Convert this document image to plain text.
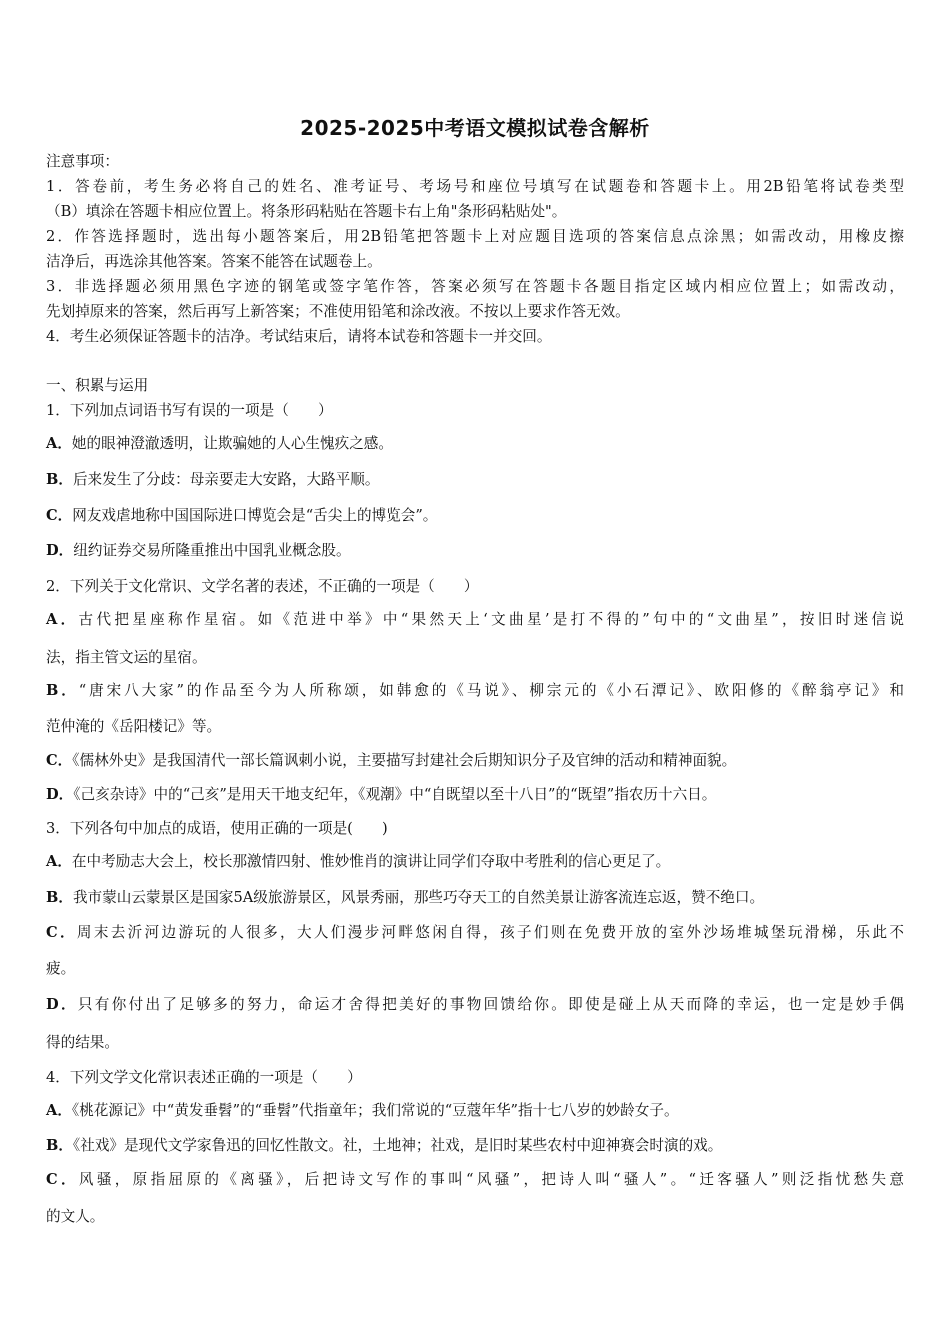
2025-2025中考语文模拟试卷含解析
注意事项：
1．答卷前，考生务必将自己的姓名、准考证号、考场号和座位号填写在试题卷和答题卡上。用2B铅笔将试卷类型
（B）填涂在答题卡相应位置上。将条形码粘贴在答题卡右上角"条形码粘贴处"。
2．作答选择题时，选出每小题答案后，用2B铅笔把答题卡上对应题目选项的答案信息点涂黑；如需改动，用橡皮擦
洁净后，再选涂其他答案。答案不能答在试题卷上。
3．非选择题必须用黑色字迹的钢笔或签字笔作答，答案必须写在答题卡各题目指定区域内相应位置上；如需改动，
先划掉原来的答案，然后再写上新答案；不准使用铅笔和涂改液。不按以上要求作答无效。
4．考生必须保证答题卡的洁净。考试结束后，请将本试卷和答题卡一并交回。
一、积累与运用
1．下列加点词语书写有误的一项是（　　）
A．她的眼神澄澈透明，让欺骗她的人心生愧疚之感。
B．后来发生了分歧：母亲要走大安路，大路平顺。
C．网友戏虐地称中国国际进口博览会是“舌尖上的博览会”。
D．纽约证券交易所隆重推出中国乳业概念股。
2．下列关于文化常识、文学名著的表述，不正确的一项是（　　）
A．古代把星座称作星宿。如《范进中举》中“果然天上‘文曲星’是打不得的”句中的“文曲星”，按旧时迷信说
法，指主管文运的星宿。
B．“唐宋八大家”的作品至今为人所称颂，如韩愈的《马说》、柳宗元的《小石潭记》、欧阳修的《醉翁亭记》和
范仲淹的《岳阳楼记》等。
C．《儒林外史》是我国清代一部长篇讽刺小说，主要描写封建社会后期知识分子及官绅的活动和精神面貌。
D．《己亥杂诗》中的“己亥”是用天干地支纪年，《观潮》中“自既望以至十八日”的“既望”指农历十六日。
3．下列各句中加点的成语，使用正确的一项是(　　)
A．在中考励志大会上，校长那激情四射、惟妙惟肖的演讲让同学们夺取中考胜利的信心更足了。
B．我市蒙山云蒙景区是国家5A级旅游景区，风景秀丽，那些巧夺天工的自然美景让游客流连忘返，赞不绝口。
C．周末去沂河边游玩的人很多，大人们漫步河畔悠闲自得，孩子们则在免费开放的室外沙场堆城堡玩滑梯，乐此不
疲。
D．只有你付出了足够多的努力，命运才舍得把美好的事物回馈给你。即使是碰上从天而降的幸运，也一定是妙手偶
得的结果。
4．下列文学文化常识表述正确的一项是（　　）
A．《桃花源记》中“黄发垂髫”的“垂髫”代指童年；我们常说的“豆蔻年华”指十七八岁的妙龄女子。
B．《社戏》是现代文学家鲁迅的回忆性散文。社，土地神；社戏，是旧时某些农村中迎神赛会时演的戏。
C．风骚，原指屈原的《离骚》，后把诗文写作的事叫“风骚”，把诗人叫“骚人”。“迁客骚人”则泛指忧愁失意
的文人。
